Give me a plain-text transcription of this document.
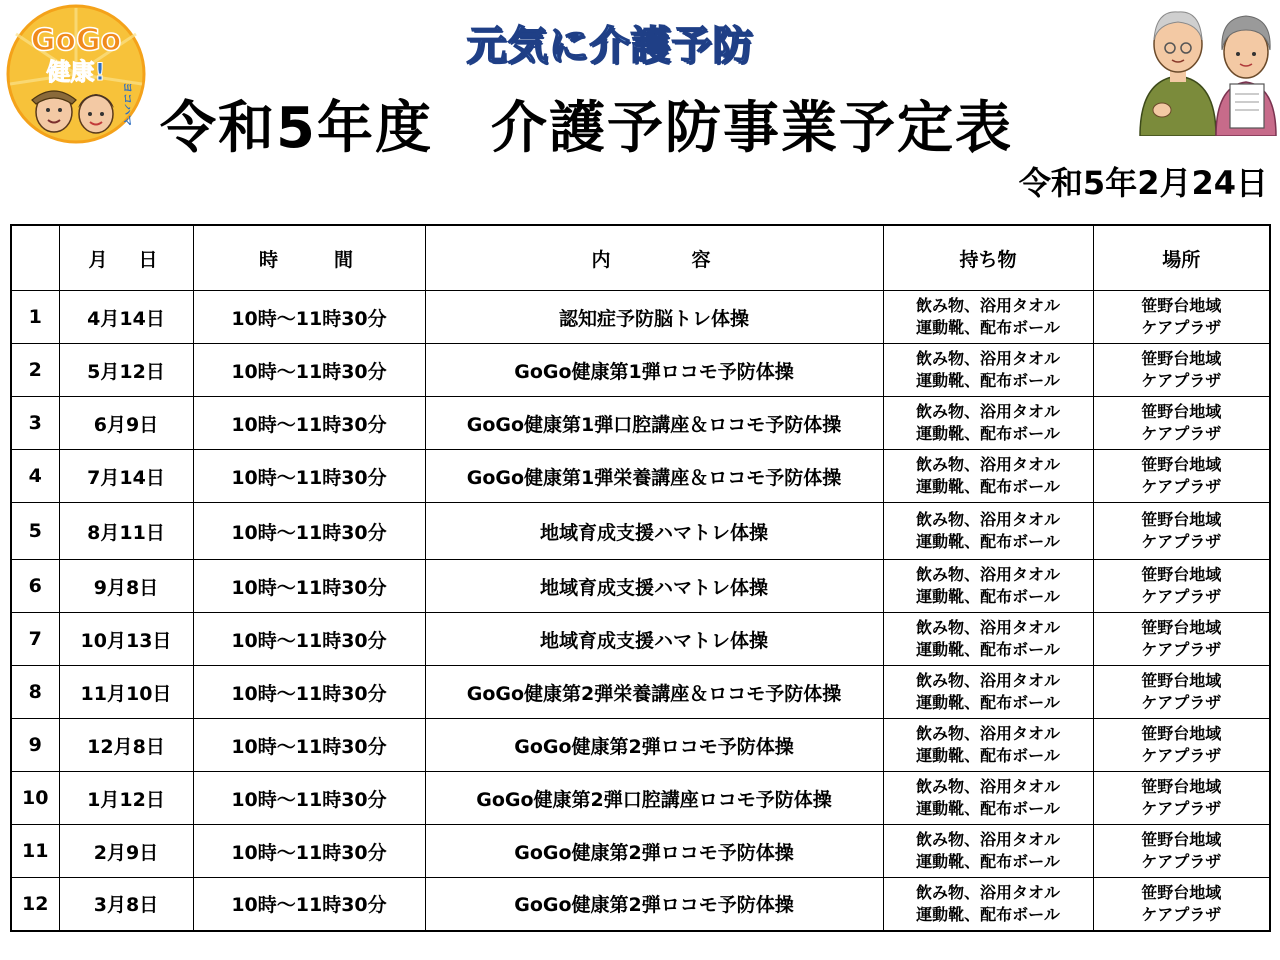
GoGo
健康!
ヨコハマ
元気に介護予防
令和5年度　介護予防事業予定表
令和5年2月24日
	月　日	時　　間	内　　　容	持ち物	場所
1	4月14日	10時～11時30分	認知症予防脳トレ体操	飲み物、浴用タオル
運動靴、配布ボール	笹野台地域
ケアプラザ

2	5月12日	10時～11時30分	GoGo健康第1弾ロコモ予防体操	飲み物、浴用タオル
運動靴、配布ボール	笹野台地域
ケアプラザ

3	6月9日	10時～11時30分	GoGo健康第1弾口腔講座＆ロコモ予防体操	飲み物、浴用タオル
運動靴、配布ボール	笹野台地域
ケアプラザ

4	7月14日	10時～11時30分	GoGo健康第1弾栄養講座＆ロコモ予防体操	飲み物、浴用タオル
運動靴、配布ボール	笹野台地域
ケアプラザ

5	8月11日	10時～11時30分	地域育成支援ハマトレ体操	飲み物、浴用タオル
運動靴、配布ボール	笹野台地域
ケアプラザ

6	9月8日	10時～11時30分	地域育成支援ハマトレ体操	飲み物、浴用タオル
運動靴、配布ボール	笹野台地域
ケアプラザ

7	10月13日	10時～11時30分	地域育成支援ハマトレ体操	飲み物、浴用タオル
運動靴、配布ボール	笹野台地域
ケアプラザ

8	11月10日	10時～11時30分	GoGo健康第2弾栄養講座＆ロコモ予防体操	飲み物、浴用タオル
運動靴、配布ボール	笹野台地域
ケアプラザ

9	12月8日	10時～11時30分	GoGo健康第2弾ロコモ予防体操	飲み物、浴用タオル
運動靴、配布ボール	笹野台地域
ケアプラザ

10	1月12日	10時～11時30分	GoGo健康第2弾口腔講座ロコモ予防体操	飲み物、浴用タオル
運動靴、配布ボール	笹野台地域
ケアプラザ

11	2月9日	10時～11時30分	GoGo健康第2弾ロコモ予防体操	飲み物、浴用タオル
運動靴、配布ボール	笹野台地域
ケアプラザ

12	3月8日	10時～11時30分	GoGo健康第2弾ロコモ予防体操	飲み物、浴用タオル
運動靴、配布ボール	笹野台地域
ケアプラザ
